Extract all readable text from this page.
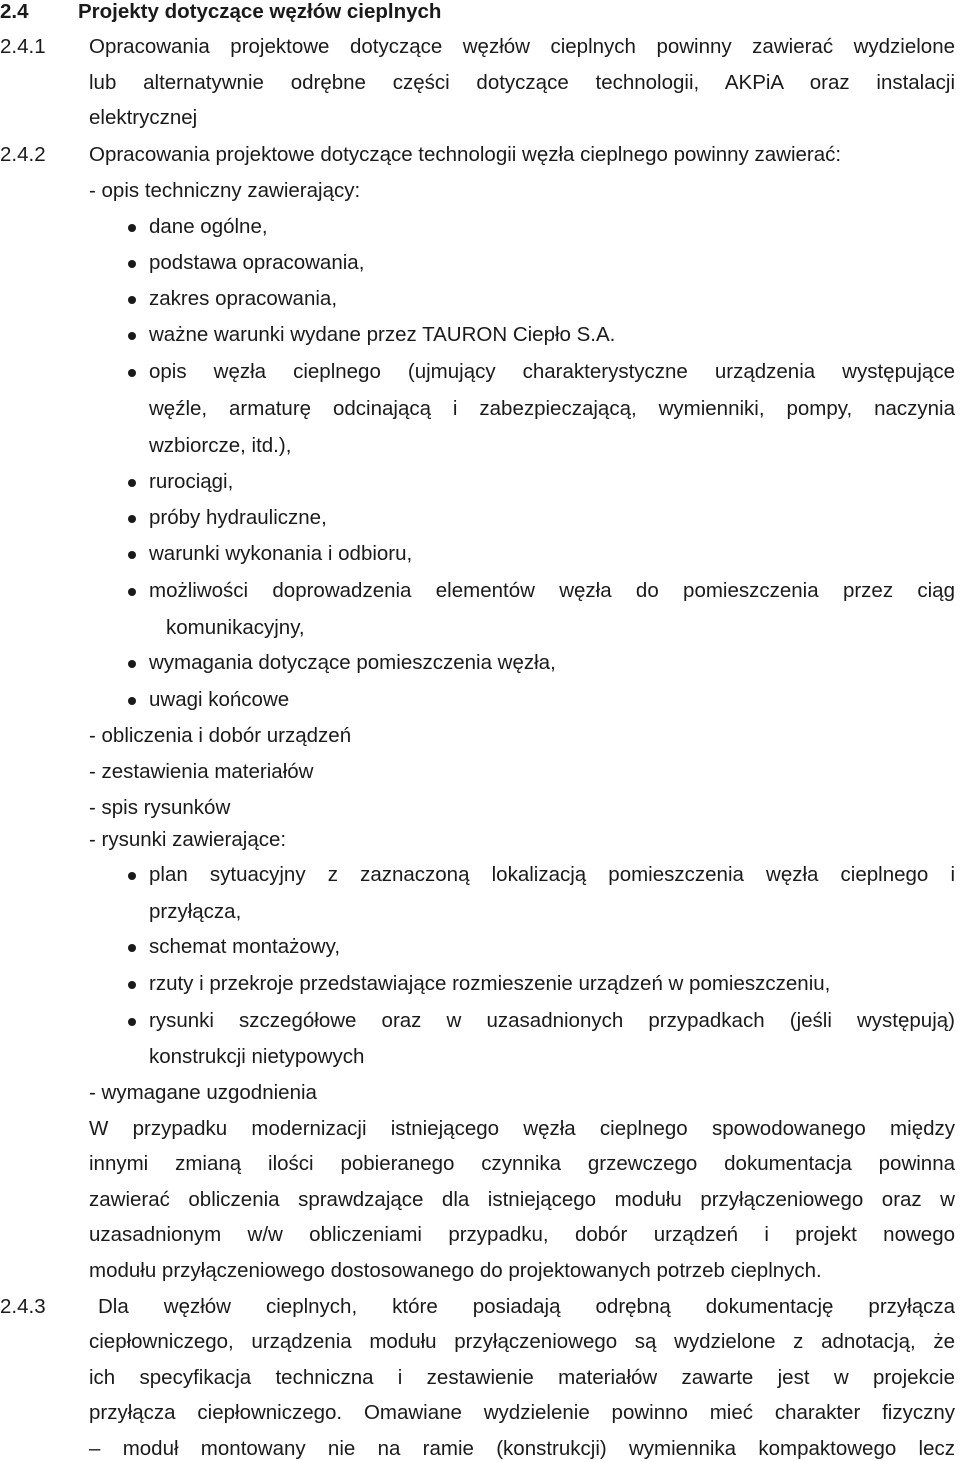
2.4 Projekty dotyczące węzłów cieplnych
2.4.1 Opracowania projektowe dotyczące węzłów cieplnych powinny zawierać wydzielone
lub alternatywnie odrębne części dotyczące technologii, AKPiA oraz instalacji
elektrycznej
2.4.2 Opracowania projektowe dotyczące technologii węzła cieplnego powinny zawierać:
- opis techniczny zawierający:
dane ogólne,
podstawa opracowania,
zakres opracowania,
ważne warunki wydane przez TAURON Ciepło S.A.
opis węzła cieplnego (ujmujący charakterystyczne urządzenia występujące
węźle, armaturę odcinającą i zabezpieczającą, wymienniki, pompy, naczynia
wzbiorcze, itd.),
rurociągi,
próby hydrauliczne,
warunki wykonania i odbioru,
możliwości doprowadzenia elementów węzła do pomieszczenia przez ciąg
komunikacyjny,
wymagania dotyczące pomieszczenia węzła,
uwagi końcowe
- obliczenia i dobór urządzeń
- zestawienia materiałów
- spis rysunków
- rysunki zawierające:
plan sytuacyjny z zaznaczoną lokalizacją pomieszczenia węzła cieplnego i
przyłącza,
schemat montażowy,
rzuty i przekroje przedstawiające rozmieszenie urządzeń w pomieszczeniu,
rysunki szczegółowe oraz w uzasadnionych przypadkach (jeśli występują)
konstrukcji nietypowych
- wymagane uzgodnienia
W przypadku modernizacji istniejącego węzła cieplnego spowodowanego między
innymi zmianą ilości pobieranego czynnika grzewczego dokumentacja powinna
zawierać obliczenia sprawdzające dla istniejącego modułu przyłączeniowego oraz w
uzasadnionym w/w obliczeniami przypadku, dobór urządzeń i projekt nowego
modułu przyłączeniowego dostosowanego do projektowanych potrzeb cieplnych.
2.4.3	Dla węzłów cieplnych, które posiadają odrębną dokumentację przyłącza
ciepłowniczego, urządzenia modułu przyłączeniowego są wydzielone z adnotacją, że
ich specyfikacja techniczna i zestawienie materiałów zawarte jest w projekcie
przyłącza ciepłowniczego. Omawiane wydzielenie powinno mieć charakter fizyczny
– moduł montowany nie na ramie (konstrukcji) wymiennika kompaktowego lecz
